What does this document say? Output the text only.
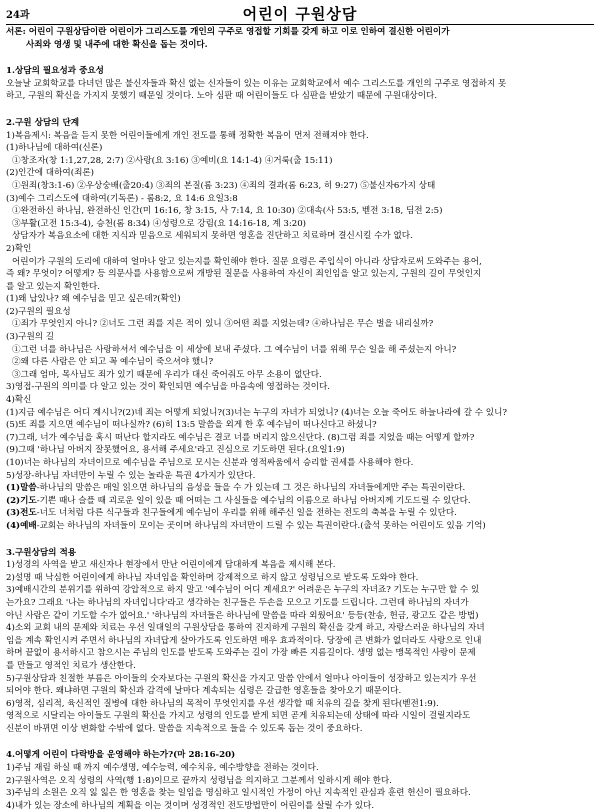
24과	어린이 구원상담
서론: 어린이 구원상담이란 어린이가 그리스도를 개인의 구주로 영접할 기회를 갖게 하고 이로 인하여 결신한 어린이가
사죄와 영생 및 내주에 대한 확신을 돕는 것이다.
1.상담의 필요성과 중요성
오늘날 교회학교를 다녀던 많은 불신자들과 확신 없는 신자들이 있는 이유는 교회학교에서 예수 그리스도를 개인의 구주로 영접하지 못
하고, 구원의 확신을 가지지 못했기 때문일 것이다. 노아 심판 때 어린이들도 다 심판을 받았기 때문에 구원대상이다.
2.구원 상담의 단계
1)복음제시: 복음을 듣지 못한 어린이들에게 개인 전도를 통해 정확한 복음이 먼저 전해져야 한다.
(1)하나님에 대하여(신론)
①창조자(창 1:1,27,28, 2:7) ②사랑(요 3:16) ③예비(요 14:1-4) ④거룩(출 15:11)
(2)인간에 대하여(죄론)
①원죄(창3:1-6) ②우상숭배(출20:4) ③죄의 본질(롬 3:23) ④죄의 결과(롬 6:23, 히 9:27) ⑤불신자6가지 상태
(3)예수 그리스도에 대하여(기독론) - 롬8:2, 요 14:6 요일3:8
①완전하신 하나님, 완전하신 인간(미 16:16, 창 3:15, 사 7:14, 요 10:30) ②대속(사 53:5, 벧전 3:18, 딤전 2:5)
③부활(고전 15:3-4), 승천(롬 8:34) ④성령으로 강림(요 14:16-18, 계 3:20)
상담자가 복음요소에 대한 지식과 믿음으로 세워되지 못하면 영혼을 진단하고 치료하며 결신시킬 수가 없다.
2)확인
어린이가 구원의 도리에 대하여 얼마나 알고 있는지를 확인해야 한다. 질문 요령은 주입식이 아니라 상담자로써 도와주는 용어,
즉 왜? 무엇이? 어떻게? 등 의문사를 사용함으로써 개방된 질문을 사용하여 자신이 죄인임을 알고 있는지, 구원의 길이 무엇인지
를 알고 있는지 확인한다.
(1)왜 납있나? 왜 예수님을 믿고 싶은데?(확인)
(2)구원의 필요성
①죄가 무엇인지 아니? ②너도 그런 죄를 지은 적이 있니 ③어떤 죄를 지었는데? ④하나님은 무슨 벌을 내리실까?
(3)구원의 길
①그런 너를 하나님은 사랑하셔서 예수님을 이 세상에 보내 주셨다. 그 예수님이 너를 위해 무슨 일을 해 주셨는지 아니?
②왜 다른 사람은 안 되고 꼭 예수님이 죽으셔야 했니?
③그래 엄마, 목사님도 죄가 있기 때문에 우리가 대신 죽어줘도 아무 소용이 없단다.
3)영접-구원의 의미를 다 알고 있는 것이 확인되면 예수님을 마음속에 영접하는 것이다.
4)확신
(1)지금 예수님은 어디 계시니?(2)네 죄는 어떻게 되었니?(3)너는 누구의 자녀가 되었니? (4)너는 오늘 죽어도 하늘나라에 갈 수 있니?
(5)또 죄를 지으면 예수님이 떠나실까? (6)히 13:5 말씀을 외게 한 후 예수님이 떠나신다고 하셨니?
(7)그래, 너가 예수님을 혹시 떠난다 할지라도 예수님은 결코 너를 버리지 않으신단다. (8)그럼 죄를 지었을 때는 어떻게 할까?
(9)그때 '하나님 아버지 잘못했어요, 용서해 주세요'라고 진심으로 기도하면 된다.(요일1:9)
(10)너는 하나님의 자녀이므로 예수님을 주님으로 모시는 신분과 영적싸움에서 승리할 권세를 사용해야 한다.
5)성장-하나님 자녀만이 누릴 수 있는 놀라운 특권 4가지가 있단다.
(1)말씀-하나님의 말씀은 매일 읽으면 하나님의 음성을 들을 수 가 있는데 그 것은 하나님의 자녀들에게만 주는 특권이란다.
(2)기도-기쁜 때나 슬플 때 괴로운 일이 있을 때 어떠는 그 사실들을 예수님의 이름으로 하나님 아버지께 기도드릴 수 있단다.
(3)전도-너도 너처럼 다른 식구들과 친구들에게 예수님이 우리를 위해 해주신 일을 전하는 전도의 축복을 누릴 수 있단다.
(4)예배-교회는 하나님의 자녀들이 모이는 곳이며 하나님의 자녀만이 드릴 수 있는 특권이란다.(출석 못하는 어린이도 있음 기억)
3.구원상담의 적용
1)성경의 사역을 받고 새신자나 현장에서 만난 어린이에게 담대하게 복음을 제시해 본다.
2)설명 때 낙심한 어린이에게 하나님 자녀임을 확인하며 강제적으로 하지 않고 성령님으로 받도록 도와야 한다.
3)예배시간의 분위기를 위하여 강압적으로 하지 말고 '예수님이 어디 계세요?' 어려운은 누구의 자녀죠? 기도는 누구만 할 수 있
는가요? 그래요 '나는 하나님의 자녀입니다'라고 생각하는 친구들은 두손을 모으고 기도를 드립니다. 그런데 하나님의 자녀가
아닌 사람은 같이 기도할 수가 없어요.' '하나님의 자녀들은 하나님에 말씀을 따라 외웠어요' 등등(찬송, 헌금, 광고도 같은 방법)
4)소외 교회 내의 문제와 치료는 우선 일대일의 구원상담을 통하여 진지하게 구원의 확신을 갖게 하고, 자랑스러운 하나님의 자녀
임을 계속 확인시켜 주면서 하나님의 자녀답게 살아가도록 인도하면 매우 효과적이다. 당장에 큰 변화가 없더라도 사랑으로 인내
하며 끝없이 용서하시고 참으시는 주님의 인도를 받도록 도와주는 길이 가장 빠른 지름길이다. 생명 없는 맹목적인 사랑이 문제
를 만들고 영적인 치료가 생산한다.
5)구원상담과 친절한 부름은 아이들의 숫자보다는 구원의 확신을 가지고 말씀 안에서 얼마나 아이들이 성장하고 있는지가 우선
되어야 한다. 왜냐하면 구원의 확신과 감격에 날마다 계속되는 심령은 갈급한 영혼들을 찾아오기 때문이다.
6)영적, 심리적, 육신적인 질병에 대한 하나님의 목적이 무엇인지를 우선 생각할 때 치유의 길을 찾게 된다(벧전1:9).
영적으로 시달리는 아이들도 구원의 확신을 가지고 성령의 인도를 받게 되면 곧게 치유되는데 상태에 따라 시일이 걸릴지라도
신분이 바뀌면 이상 변화할 수밖에 없다. 말씀을 지속적으로 들을 수 있도록 돕는 것이 중요하다.
4.어떻게 어린이 다락방을 운영해야 하는가?(마 28:16-20)
1)주님 재림 하실 때 까지 예수생명, 예수능력, 예수치유, 예수방향을 전하는 것이다.
2)구원사역은 오직 성령의 사역(행 1:8)이므로 끝까지 성령님을 의지하고 그분께서 일하시게 해야 한다.
3)주님의 소원은 오직 잃 잃은 한 영혼을 찾는 일임을 명심하고 일시적인 가정이 아닌 지속적인 관심과 훈련 헌신이 필요하다.
4)내가 있는 장소에 하나님의 계획을 이는 것이며 성경적인 전도방법만이 어린이를 살릴 수가 있다.
